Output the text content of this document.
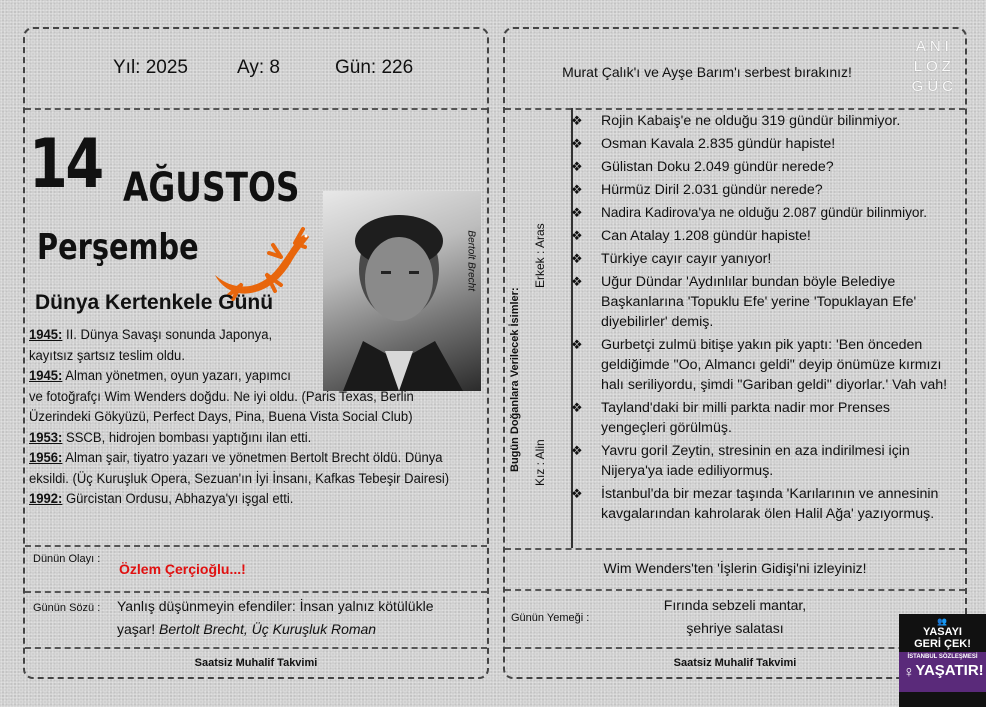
Yıl: 2025	Ay: 8	Gün: 226
14 AĞUSTOS
Perşembe
Dünya Kertenkele Günü
Bertolt Brecht
1945: II. Dünya Savaşı sonunda Japonya,
kayıtsız şartsız teslim oldu.
1945: Alman yönetmen, oyun yazarı, yapımcı
ve fotoğrafçı Wim Wenders doğdu. Ne iyi oldu. (Paris Texas, Berlin
Üzerindeki Gökyüzü, Perfect Days, Pina, Buena Vista Social Club)
1953: SSCB, hidrojen bombası yaptığını ilan etti.
1956: Alman şair, tiyatro yazarı ve yönetmen Bertolt Brecht öldü. Dünya
eksildi. (Üç Kuruşluk Opera, Sezuan'ın İyi İnsanı, Kafkas Tebeşir Dairesi)
1992: Gürcistan Ordusu, Abhazya'yı işgal etti.
Dünün Olayı :
Özlem Çerçioğlu...!
Günün Sözü : Yanlış düşünmeyin efendiler: İnsan yalnız kötülükle
yaşar! Bertolt Brecht, Üç Kuruşluk Roman
Saatsiz Muhalif Takvimi
Murat Çalık'ı ve Ayşe Barım'ı serbest bırakınız!
ANI
LOZ
GÜC
Bugün Doğanlara Verilecek İsimler:
Erkek : Aras
Kız : Alin
❖ Rojin Kabaiş'e ne olduğu 319 gündür bilinmiyor.
❖ Osman Kavala 2.835 gündür hapiste!
❖ Gülistan Doku 2.049 gündür nerede?
❖ Hürmüz Diril 2.031 gündür nerede?
❖ Nadira Kadirova'ya ne olduğu 2.087 gündür bilinmiyor.
❖ Can Atalay 1.208 gündür hapiste!
❖ Türkiye cayır cayır yanıyor!
❖ Uğur Dündar 'Aydınlılar bundan böyle Belediye Başkanlarına 'Topuklu Efe' yerine 'Topuklayan Efe' diyebilirler' demiş.
❖ Gurbetçi zulmü bitişe yakın pik yaptı: 'Ben önceden geldiğimde "Oo, Almancı geldi" deyip önümüze kırmızı halı seriliyordu, şimdi "Gariban geldi" diyorlar.' Vah vah!
❖ Tayland'daki bir milli parkta nadir mor Prenses yengeçleri görülmüş.
❖ Yavru goril Zeytin, stresinin en aza indirilmesi için Nijerya'ya iade ediliyormuş.
❖ İstanbul'da bir mezar taşında 'Karılarının ve annesinin kavgalarından kahrolarak ölen Halil Ağa' yazıyormuş.
Wim Wenders'ten 'İşlerin Gidişi'ni izleyiniz!
Günün Yemeği :
Fırında sebzeli mantar,
şehriye salatası
Saatsiz Muhalif Takvimi
👥
YASAYI
GERİ ÇEK!
İSTANBUL SÖZLEŞMESİ
YAŞATIR!
♀
